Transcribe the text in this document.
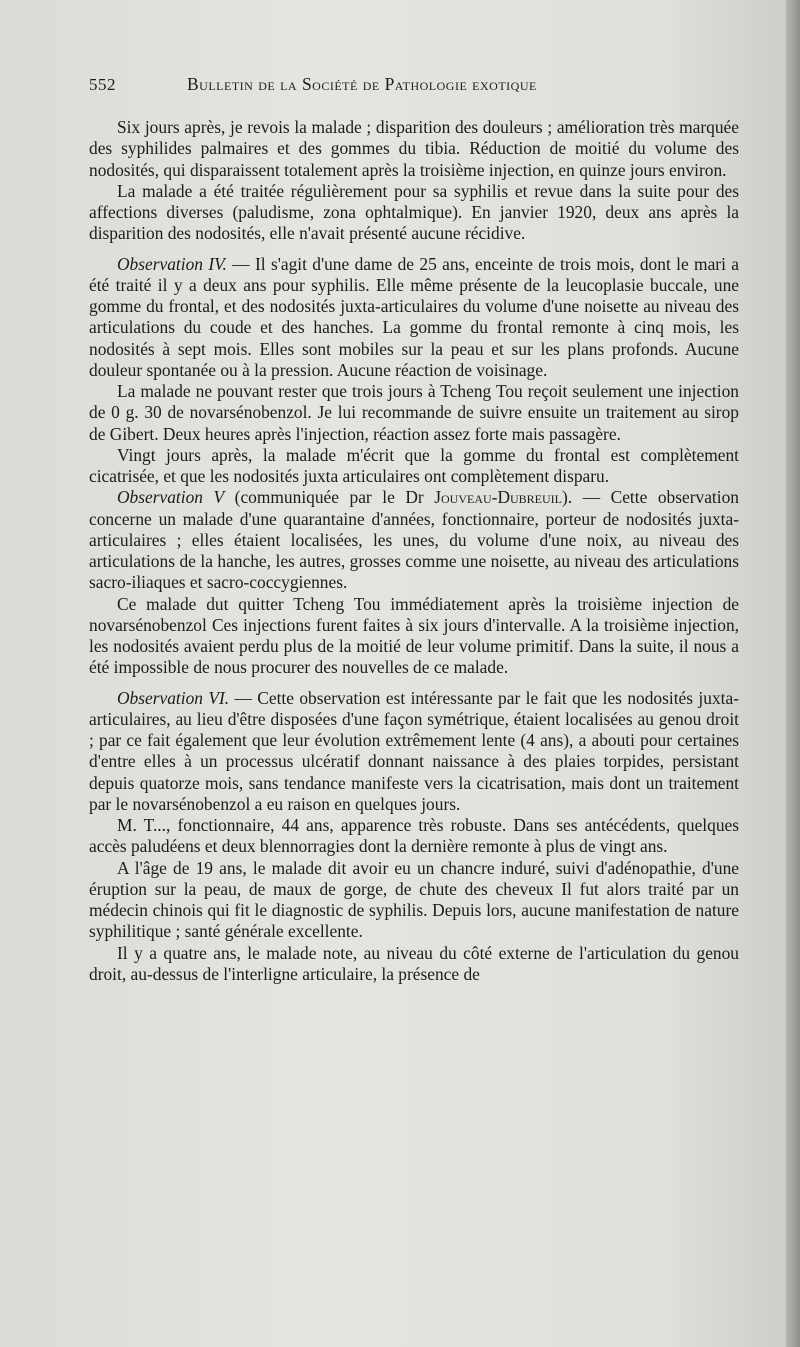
552	Bulletin de la Société de Pathologie exotique

Six jours après, je revois la malade ; disparition des douleurs ; amélioration très marquée des syphilides palmaires et des gommes du tibia. Réduction de moitié du volume des nodosités, qui disparaissent totalement après la troisième injection, en quinze jours environ.

La malade a été traitée régulièrement pour sa syphilis et revue dans la suite pour des affections diverses (paludisme, zona ophtalmique). En janvier 1920, deux ans après la disparition des nodosités, elle n'avait présenté aucune récidive.

Observation IV. — Il s'agit d'une dame de 25 ans, enceinte de trois mois, dont le mari a été traité il y a deux ans pour syphilis. Elle même présente de la leucoplasie buccale, une gomme du frontal, et des nodosités juxta-articulaires du volume d'une noisette au niveau des articulations du coude et des hanches. La gomme du frontal remonte à cinq mois, les nodosités à sept mois. Elles sont mobiles sur la peau et sur les plans profonds. Aucune douleur spontanée ou à la pression. Aucune réaction de voisinage.

La malade ne pouvant rester que trois jours à Tcheng Tou reçoit seulement une injection de 0 g. 30 de novarsénobenzol. Je lui recommande de suivre ensuite un traitement au sirop de Gibert. Deux heures après l'injection, réaction assez forte mais passagère.

Vingt jours après, la malade m'écrit que la gomme du frontal est complètement cicatrisée, et que les nodosités juxta articulaires ont complètement disparu.

Observation V (communiquée par le Dr Jouveau-Dubreuil). — Cette observation concerne un malade d'une quarantaine d'années, fonctionnaire, porteur de nodosités juxta-articulaires ; elles étaient localisées, les unes, du volume d'une noix, au niveau des articulations de la hanche, les autres, grosses comme une noisette, au niveau des articulations sacro-iliaques et sacro-coccygiennes.

Ce malade dut quitter Tcheng Tou immédiatement après la troisième injection de novarsénobenzol Ces injections furent faites à six jours d'intervalle. A la troisième injection, les nodosités avaient perdu plus de la moitié de leur volume primitif. Dans la suite, il nous a été impossible de nous procurer des nouvelles de ce malade.

Observation VI. — Cette observation est intéressante par le fait que les nodosités juxta-articulaires, au lieu d'être disposées d'une façon symétrique, étaient localisées au genou droit ; par ce fait également que leur évolution extrêmement lente (4 ans), a abouti pour certaines d'entre elles à un processus ulcératif donnant naissance à des plaies torpides, persistant depuis quatorze mois, sans tendance manifeste vers la cicatrisation, mais dont un traitement par le novarsénobenzol a eu raison en quelques jours.

M. T..., fonctionnaire, 44 ans, apparence très robuste. Dans ses antécédents, quelques accès paludéens et deux blennorragies dont la dernière remonte à plus de vingt ans.

A l'âge de 19 ans, le malade dit avoir eu un chancre induré, suivi d'adénopathie, d'une éruption sur la peau, de maux de gorge, de chute des cheveux Il fut alors traité par un médecin chinois qui fit le diagnostic de syphilis. Depuis lors, aucune manifestation de nature syphilitique ; santé générale excellente.

Il y a quatre ans, le malade note, au niveau du côté externe de l'articulation du genou droit, au-dessus de l'interligne articulaire, la présence de
